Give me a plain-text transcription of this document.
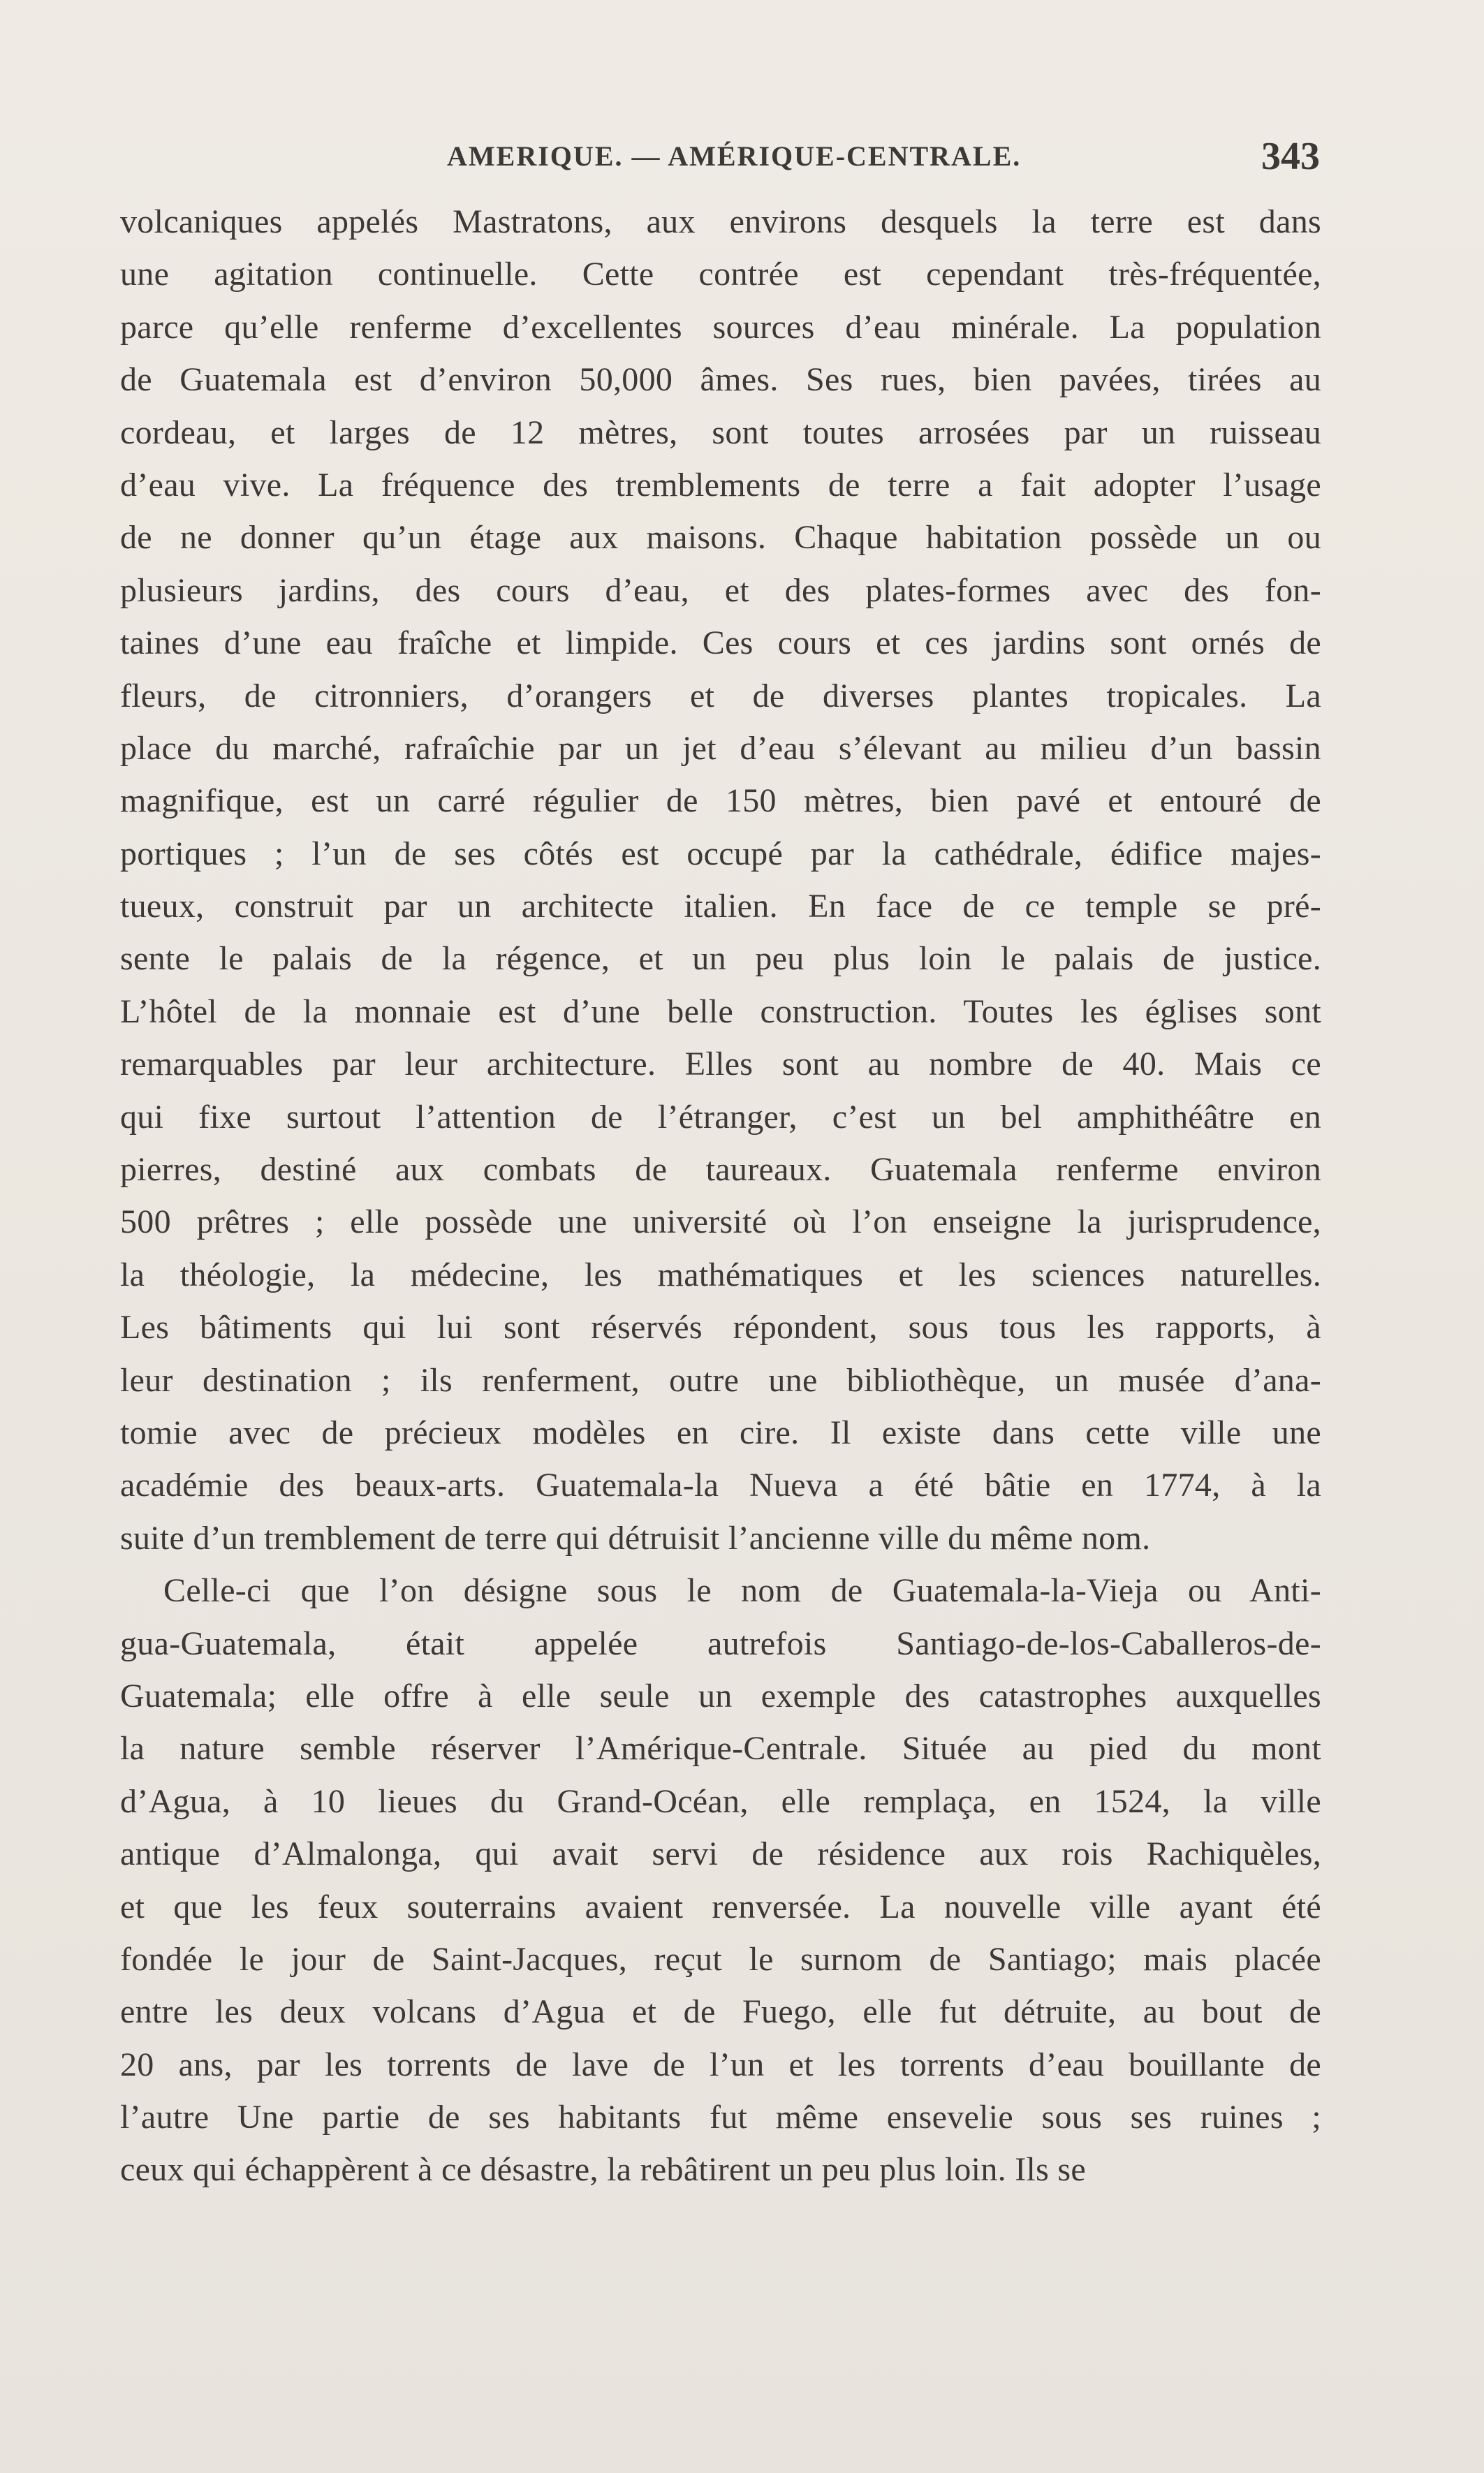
AMERIQUE. — AMÉRIQUE-CENTRALE.	343
volcaniques appelés Mastratons, aux environs desquels la terre est dans
une agitation continuelle. Cette contrée est cependant très-fréquentée,
parce qu’elle renferme d’excellentes sources d’eau minérale. La population
de Guatemala est d’environ 50,000 âmes. Ses rues, bien pavées, tirées au
cordeau, et larges de 12 mètres, sont toutes arrosées par un ruisseau
d’eau vive. La fréquence des tremblements de terre a fait adopter l’usage
de ne donner qu’un étage aux maisons. Chaque habitation possède un ou
plusieurs jardins, des cours d’eau, et des plates-formes avec des fon-
taines d’une eau fraîche et limpide. Ces cours et ces jardins sont ornés de
fleurs, de citronniers, d’orangers et de diverses plantes tropicales. La
place du marché, rafraîchie par un jet d’eau s’élevant au milieu d’un bassin
magnifique, est un carré régulier de 150 mètres, bien pavé et entouré de
portiques ; l’un de ses côtés est occupé par la cathédrale, édifice majes-
tueux, construit par un architecte italien. En face de ce temple se pré-
sente le palais de la régence, et un peu plus loin le palais de justice.
L’hôtel de la monnaie est d’une belle construction. Toutes les églises sont
remarquables par leur architecture. Elles sont au nombre de 40. Mais ce
qui fixe surtout l’attention de l’étranger, c’est un bel amphithéâtre en
pierres, destiné aux combats de taureaux. Guatemala renferme environ
500 prêtres ; elle possède une université où l’on enseigne la jurisprudence,
la théologie, la médecine, les mathématiques et les sciences naturelles.
Les bâtiments qui lui sont réservés répondent, sous tous les rapports, à
leur destination ; ils renferment, outre une bibliothèque, un musée d’ana-
tomie avec de précieux modèles en cire. Il existe dans cette ville une
académie des beaux-arts. Guatemala-la Nueva a été bâtie en 1774, à la
suite d’un tremblement de terre qui détruisit l’ancienne ville du même nom.
Celle-ci que l’on désigne sous le nom de Guatemala-la-Vieja ou Anti-
gua-Guatemala, était appelée autrefois Santiago-de-los-Caballeros-de-
Guatemala; elle offre à elle seule un exemple des catastrophes auxquelles
la nature semble réserver l’Amérique-Centrale. Située au pied du mont
d’Agua, à 10 lieues du Grand-Océan, elle remplaça, en 1524, la ville
antique d’Almalonga, qui avait servi de résidence aux rois Rachiquèles,
et que les feux souterrains avaient renversée. La nouvelle ville ayant été
fondée le jour de Saint-Jacques, reçut le surnom de Santiago; mais placée
entre les deux volcans d’Agua et de Fuego, elle fut détruite, au bout de
20 ans, par les torrents de lave de l’un et les torrents d’eau bouillante de
l’autre Une partie de ses habitants fut même ensevelie sous ses ruines ;
ceux qui échappèrent à ce désastre, la rebâtirent un peu plus loin. Ils se
